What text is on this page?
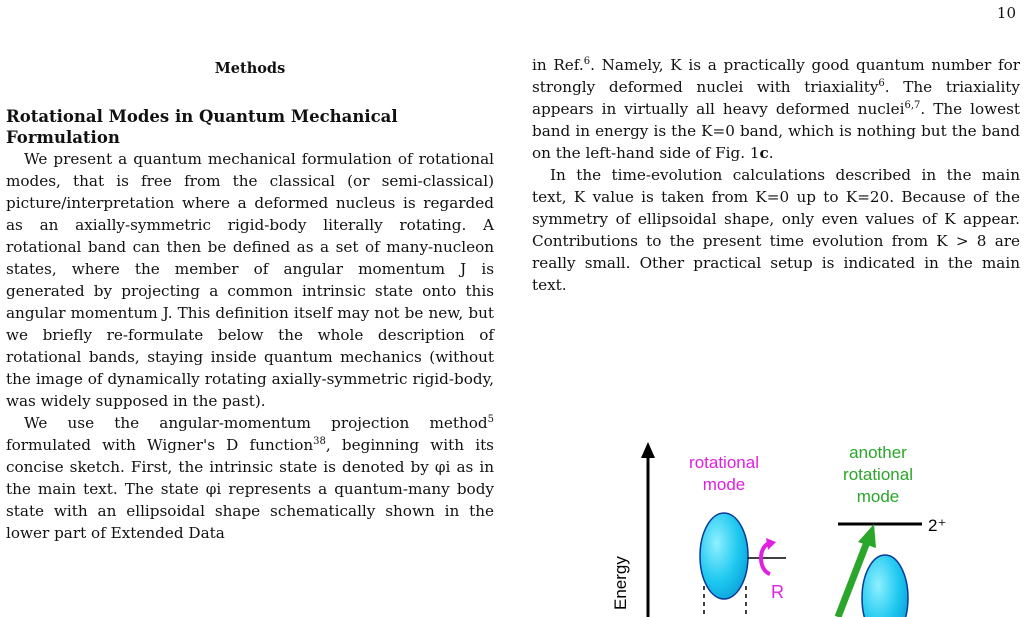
10
Methods
Rotational Modes in Quantum Mechanical Formulation

We present a quantum mechanical formulation of rotational modes, that is free from the classical (or semi-classical) picture/interpretation where a deformed nucleus is regarded as an axially-symmetric rigid-body literally rotating. A rotational band can then be defined as a set of many-nucleon states, where the member of angular momentum J is generated by projecting a common intrinsic state onto this angular momentum J. This definition itself may not be new, but we briefly re-formulate below the whole description of rotational bands, staying inside quantum mechanics (without the image of dynamically rotating axially-symmetric rigid-body, was widely supposed in the past).

We use the angular-momentum projection method$^5$ formulated with Wigner's D function$^{38}$, beginning with its concise sketch. First, the intrinsic state is denoted by φi as in the main text. The state φi represents a quantum-many body state with an ellipsoidal shape schematically shown in the lower part of Extended Data

in Ref.$^6$. Namely, K is a practically good quantum number for strongly deformed nuclei with triaxiality$^6$. The triaxiality appears in virtually all heavy deformed nuclei$^{6,7}$. The lowest band in energy is the K=0 band, which is nothing but the band on the left-hand side of Fig. 1c.

In the time-evolution calculations described in the main text, K value is taken from K=0 up to K=20. Because of the symmetry of ellipsoidal shape, only even values of K appear. Contributions to the present time evolution from K > 8 are really small. Other practical setup is indicated in the main text.

Energy
rotational
mode
R
another
rotational
mode
2⁺
